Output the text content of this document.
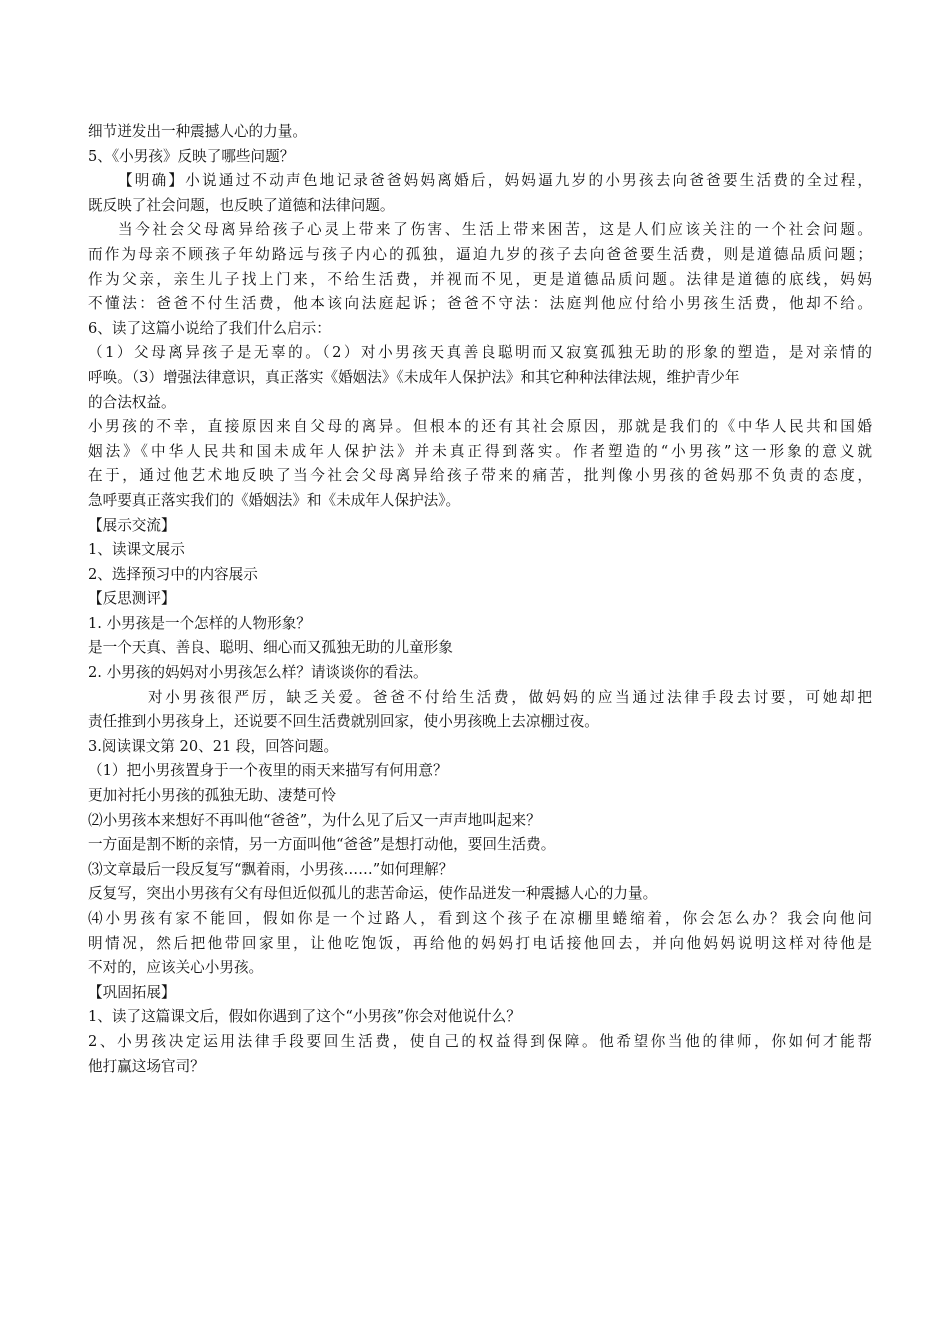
细节迸发出一种震撼人心的力量。
5、《小男孩》反映了哪些问题？
【明确】小说通过不动声色地记录爸爸妈妈离婚后，妈妈逼九岁的小男孩去向爸爸要生活费的全过程，
既反映了社会问题，也反映了道德和法律问题。
当今社会父母离异给孩子心灵上带来了伤害、生活上带来困苦，这是人们应该关注的一个社会问题。
而作为母亲不顾孩子年幼路远与孩子内心的孤独，逼迫九岁的孩子去向爸爸要生活费，则是道德品质问题；
作为父亲，亲生儿子找上门来，不给生活费，并视而不见，更是道德品质问题。法律是道德的底线，妈妈
不懂法：爸爸不付生活费，他本该向法庭起诉；爸爸不守法：法庭判他应付给小男孩生活费，他却不给。
6、读了这篇小说给了我们什么启示：
（1）父母离异孩子是无辜的。（2）对小男孩天真善良聪明而又寂寞孤独无助的形象的塑造，是对亲情的
呼唤。（3）增强法律意识，真正落实《婚姻法》《未成年人保护法》和其它种种法律法规，维护青少年
的合法权益。
小男孩的不幸，直接原因来自父母的离异。但根本的还有其社会原因，那就是我们的《中华人民共和国婚
姻法》《中华人民共和国未成年人保护法》并未真正得到落实。作者塑造的“小男孩”这一形象的意义就
在于，通过他艺术地反映了当今社会父母离异给孩子带来的痛苦，批判像小男孩的爸妈那不负责的态度，
急呼要真正落实我们的《婚姻法》和《未成年人保护法》。
【展示交流】
1、读课文展示
2、选择预习中的内容展示
【反思测评】
1. 小男孩是一个怎样的人物形象？
是一个天真、善良、聪明、细心而又孤独无助的儿童形象
2. 小男孩的妈妈对小男孩怎么样？请谈谈你的看法。
对小男孩很严厉，缺乏关爱。爸爸不付给生活费，做妈妈的应当通过法律手段去讨要，可她却把
责任推到小男孩身上，还说要不回生活费就别回家，使小男孩晚上去凉棚过夜。
3.阅读课文第 20、21 段，回答问题。
（1）把小男孩置身于一个夜里的雨天来描写有何用意？
更加衬托小男孩的孤独无助、凄楚可怜
⑵小男孩本来想好不再叫他“爸爸”，为什么见了后又一声声地叫起来？
一方面是割不断的亲情，另一方面叫他“爸爸”是想打动他，要回生活费。
⑶文章最后一段反复写“飘着雨，小男孩……”如何理解？
反复写，突出小男孩有父有母但近似孤儿的悲苦命运，使作品迸发一种震撼人心的力量。
⑷小男孩有家不能回，假如你是一个过路人，看到这个孩子在凉棚里蜷缩着，你会怎么办？我会向他问
明情况，然后把他带回家里，让他吃饱饭，再给他的妈妈打电话接他回去，并向他妈妈说明这样对待他是
不对的，应该关心小男孩。
【巩固拓展】
1、读了这篇课文后，假如你遇到了这个“小男孩”你会对他说什么？
2、小男孩决定运用法律手段要回生活费，使自己的权益得到保障。他希望你当他的律师，你如何才能帮
他打赢这场官司？
